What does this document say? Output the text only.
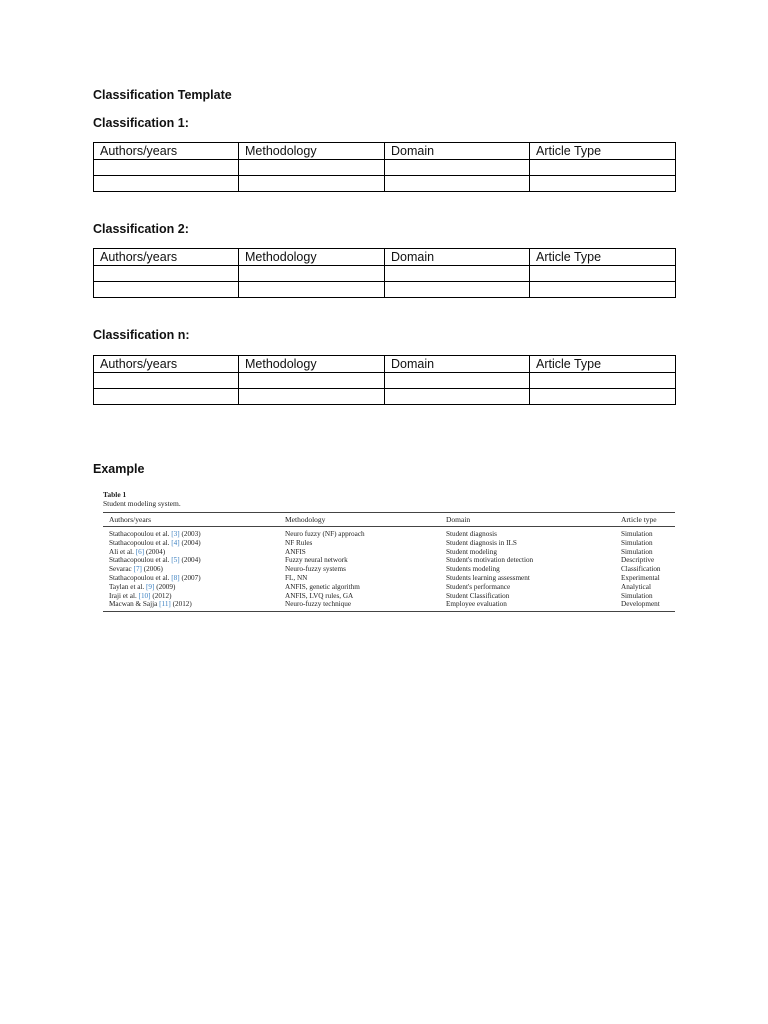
Classification Template
Classification 1:
Authors/years	Methodology	Domain	Article Type

Classification 2:
Authors/years	Methodology	Domain	Article Type

Classification n:
Authors/years	Methodology	Domain	Article Type

Example
Table 1
Student modeling system.
Authors/years	Methodology	Domain	Article type
Stathacopoulou et al. [3] (2003)	Neuro fuzzy (NF) approach	Student diagnosis	Simulation
Stathacopoulou et al. [4] (2004)	NF Rules	Student diagnosis in ILS	Simulation
Ali et al. [6] (2004)	ANFIS	Student modeling	Simulation
Stathacopoulou et al. [5] (2004)	Fuzzy neural network	Student's motivation detection	Descriptive
Sevarac [7] (2006)	Neuro-fuzzy systems	Students modeling	Classification
Stathacopoulou et al. [8] (2007)	FL, NN	Students learning assessment	Experimental
Taylan et al. [9] (2009)	ANFIS, genetic algorithm	Student's performance	Analytical
Iraji et al. [10] (2012)	ANFIS, LVQ rules, GA	Student Classification	Simulation
Macwan & Sajja [11] (2012)	Neuro-fuzzy technique	Employee evaluation	Development
